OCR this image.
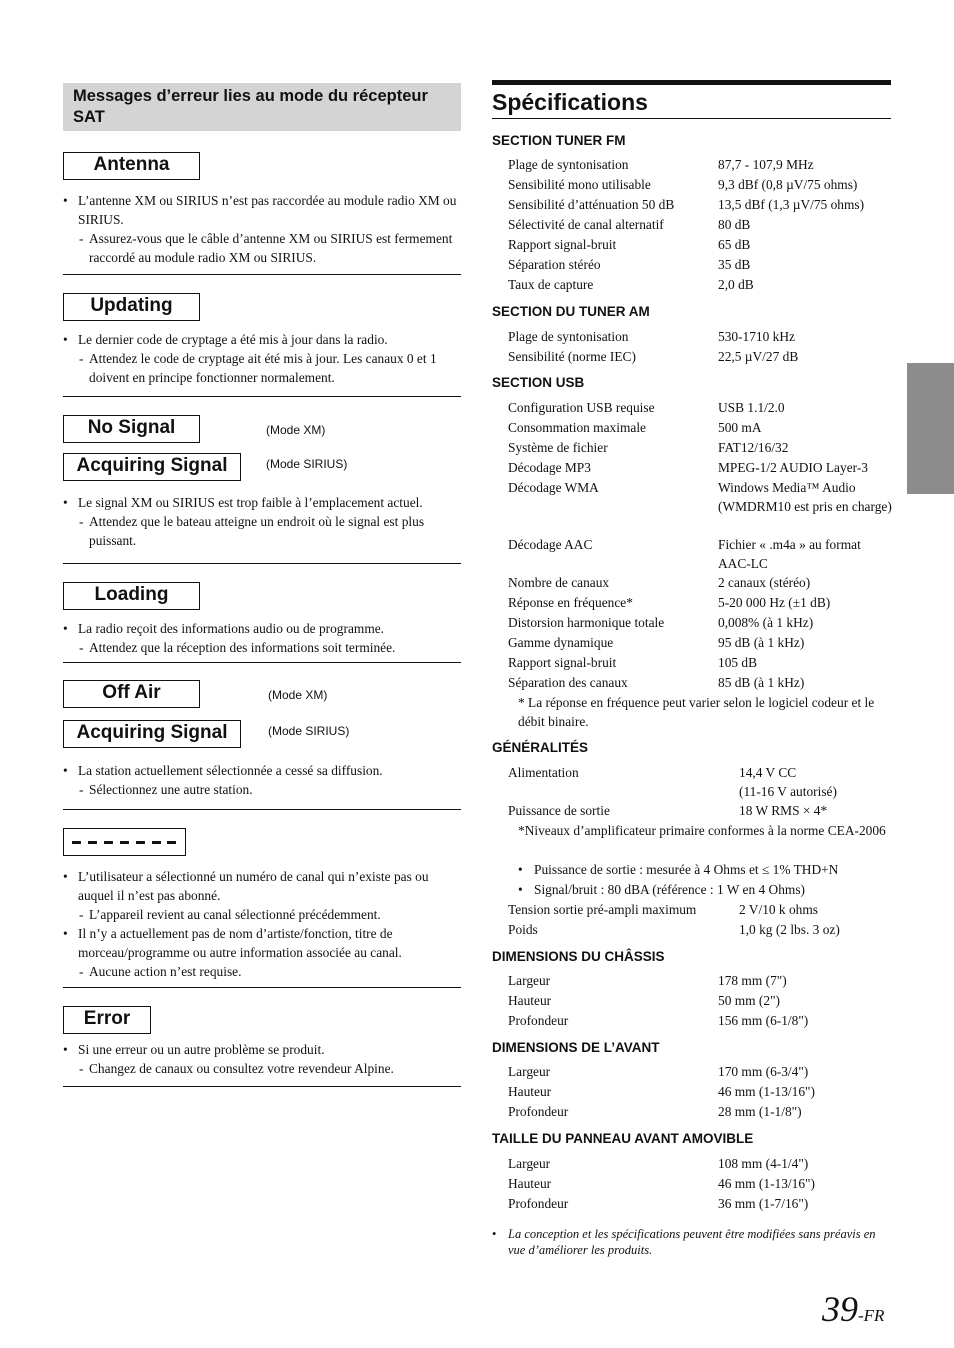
Messages d’erreur lies au mode du récepteur SAT
Antenna
• L’antenne XM ou SIRIUS n’est pas raccordée au module radio XM ou SIRIUS.
- Assurez-vous que le câble d’antenne XM ou SIRIUS est fermement raccordé au module radio XM ou SIRIUS.
Updating
• Le dernier code de cryptage a été mis à jour dans la radio.
- Attendez le code de cryptage ait été mis à jour. Les canaux 0 et 1 doivent en principe fonctionner normalement.
No Signal	(Mode XM)
Acquiring Signal	(Mode SIRIUS)
• Le signal XM ou SIRIUS est trop faible à l’emplacement actuel.
- Attendez que le bateau atteigne un endroit où le signal est plus puissant.
Loading
• La radio reçoit des informations audio ou de programme.
- Attendez que la réception des informations soit terminée.
Off Air	(Mode XM)
Acquiring Signal	(Mode SIRIUS)
• La station actuellement sélectionnée a cessé sa diffusion.
- Sélectionnez une autre station.
• L’utilisateur a sélectionné un numéro de canal qui n’existe pas ou auquel il n’est pas abonné.
- L’appareil revient au canal sélectionné précédemment.
• Il n’y a actuellement pas de nom d’artiste/fonction, titre de morceau/programme ou autre information associée au canal.
- Aucune action n’est requise.
Error
• Si une erreur ou un autre problème se produit.
- Changez de canaux ou consultez votre revendeur Alpine.
Spécifications
SECTION TUNER FM
Plage de syntonisation	87,7 - 107,9 MHz
Sensibilité mono utilisable	9,3 dBf (0,8 µV/75 ohms)
Sensibilité d’atténuation 50 dB	13,5 dBf (1,3 µV/75 ohms)
Sélectivité de canal alternatif	80 dB
Rapport signal-bruit	65 dB
Séparation stéréo	35 dB
Taux de capture	2,0 dB
SECTION DU TUNER AM
Plage de syntonisation	530-1710 kHz
Sensibilité (norme IEC)	22,5 µV/27 dB
SECTION USB
Configuration USB requise	USB 1.1/2.0
Consommation maximale	500 mA
Système de fichier	FAT12/16/32
Décodage MP3	MPEG-1/2 AUDIO Layer-3
Décodage WMA	Windows Media™ Audio (WMDRM10 est pris en charge)
Décodage AAC	Fichier « .m4a » au format AAC-LC
Nombre de canaux	2 canaux (stéréo)
Réponse en fréquence*	5-20 000 Hz (±1 dB)
Distorsion harmonique totale	0,008% (à 1 kHz)
Gamme dynamique	95 dB (à 1 kHz)
Rapport signal-bruit	105 dB
Séparation des canaux	85 dB (à 1 kHz)
* La réponse en fréquence peut varier selon le logiciel codeur et le débit binaire.
GÉNÉRALITÉS
Alimentation	14,4 V CC
(11-16 V autorisé)
Puissance de sortie	18 W RMS × 4*
*Niveaux d’amplificateur primaire conformes à la norme CEA-2006
• Puissance de sortie : mesurée à 4 Ohms et ≤ 1% THD+N
• Signal/bruit : 80 dBA (référence : 1 W en 4 Ohms)
Tension sortie pré-ampli maximum	2 V/10 k ohms
Poids	1,0 kg (2 lbs. 3 oz)
DIMENSIONS DU CHÂSSIS
Largeur	178 mm (7")
Hauteur	50 mm (2")
Profondeur	156 mm (6-1/8")
DIMENSIONS DE L’AVANT
Largeur	170 mm (6-3/4")
Hauteur	46 mm (1-13/16")
Profondeur	28 mm (1-1/8")
TAILLE DU PANNEAU AVANT AMOVIBLE
Largeur	108 mm (4-1/4")
Hauteur	46 mm (1-13/16")
Profondeur	36 mm (1-7/16")
• La conception et les spécifications peuvent être modifiées sans préavis en vue d’améliorer les produits.
39-FR
